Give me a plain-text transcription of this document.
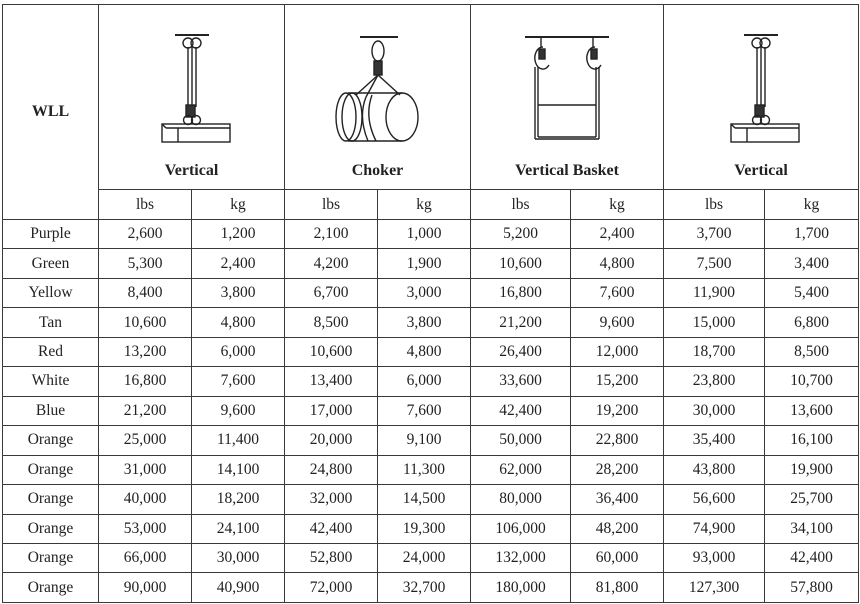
WLL	Vertical		Choker		Vertical Basket		Vertical	

	lbs	kg	lbs	kg	lbs	kg	lbs	kg
Purple	2,600	1,200	2,100	1,000	5,200	2,400	3,700	1,700
Green	5,300	2,400	4,200	1,900	10,600	4,800	7,500	3,400
Yellow	8,400	3,800	6,700	3,000	16,800	7,600	11,900	5,400
Tan	10,600	4,800	8,500	3,800	21,200	9,600	15,000	6,800
Red	13,200	6,000	10,600	4,800	26,400	12,000	18,700	8,500
White	16,800	7,600	13,400	6,000	33,600	15,200	23,800	10,700
Blue	21,200	9,600	17,000	7,600	42,400	19,200	30,000	13,600
Orange	25,000	11,400	20,000	9,100	50,000	22,800	35,400	16,100
Orange	31,000	14,100	24,800	11,300	62,000	28,200	43,800	19,900
Orange	40,000	18,200	32,000	14,500	80,000	36,400	56,600	25,700
Orange	53,000	24,100	42,400	19,300	106,000	48,200	74,900	34,100
Orange	66,000	30,000	52,800	24,000	132,000	60,000	93,000	42,400
Orange	90,000	40,900	72,000	32,700	180,000	81,800	127,300	57,800
